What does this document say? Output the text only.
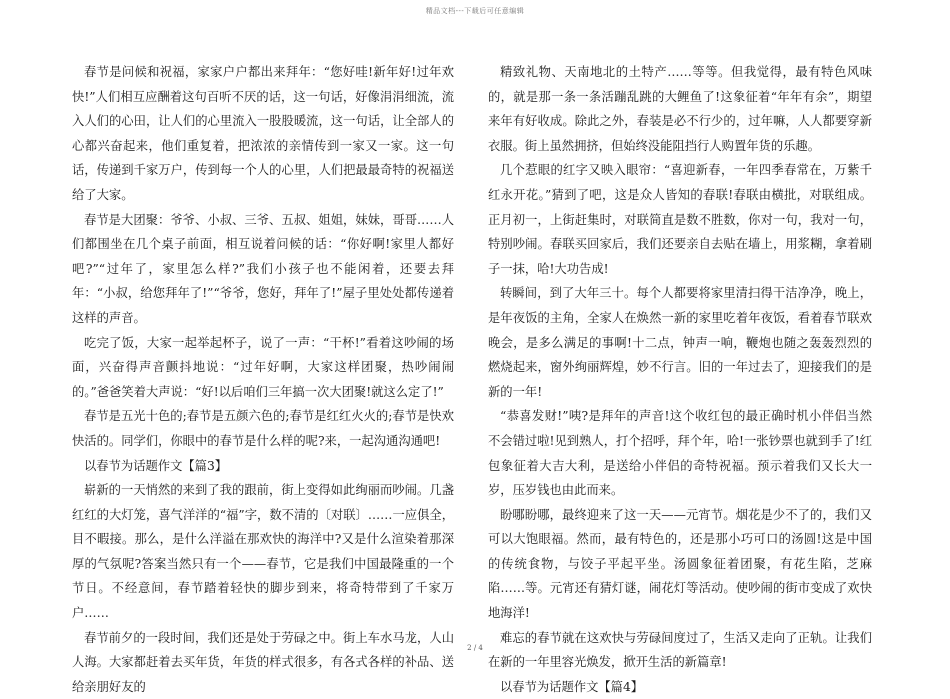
精品文档---下载后可任意编辑

春节是问候和祝福，家家户户都出来拜年：“您好哇!新年好!过年欢快!”人们相互应酬着这句百听不厌的话，这一句话，好像涓涓细流，流入人们的心田，让人们的心里流入一股股暖流，这一句话，让全部人的心都兴奋起来，他们重复着，把浓浓的亲情传到一家又一家。这一句话，传递到千家万户，传到每一个人的心里，人们把最最奇特的祝福送给了大家。

春节是大团聚：爷爷、小叔、三爷、五叔、姐姐，妹妹，哥哥……人们都围坐在几个桌子前面，相互说着问候的话：“你好啊!家里人都好吧?”“过年了，家里怎么样?”我们小孩子也不能闲着，还要去拜年：“小叔，给您拜年了!”“爷爷，您好，拜年了!”屋子里处处都传递着这样的声音。

吃完了饭，大家一起举起杯子，说了一声：“干杯!”看着这吵闹的场面，兴奋得声音颤抖地说：“过年好啊，大家这样团聚，热吵闹闹的。”爸爸笑着大声说：“好!以后咱们三年搞一次大团聚!就这么定了!”

春节是五光十色的;春节是五颜六色的;春节是红红火火的;春节是快欢快活的。同学们，你眼中的春节是什么样的呢?来，一起沟通沟通吧!

以春节为话题作文【篇3】

崭新的一天悄然的来到了我的跟前，街上变得如此绚丽而吵闹。几盏红红的大灯笼，喜气洋洋的“福”字，数不清的〔对联〕……一应俱全，目不暇接。那么，是什么洋溢在那欢快的海洋中?又是什么渲染着那深厚的气氛呢?答案当然只有一个——春节，它是我们中国最隆重的一个节日。不经意间，春节踏着轻快的脚步到来，将奇特带到了千家万户……

春节前夕的一段时间，我们还是处于劳碌之中。街上车水马龙，人山人海。大家都赶着去买年货，年货的样式很多，有各式各样的补品、送给亲朋好友的

精致礼物、天南地北的土特产……等等。但我觉得，最有特色风味的，就是那一条一条活蹦乱跳的大鲤鱼了!这象征着“年年有余”，期望来年有好收成。除此之外，春装是必不行少的，过年嘛，人人都要穿新衣服。街上虽然拥挤，但始终没能阻挡行人购置年货的乐趣。

几个惹眼的红字又映入眼帘：“喜迎新春，一年四季春常在，万紫千红永开花。”猜到了吧，这是众人皆知的春联!春联由横批，对联组成。正月初一，上街赶集时，对联简直是数不胜数，你对一句，我对一句，特别吵闹。春联买回家后，我们还要亲自去贴在墙上，用浆糊，拿着刷子一抹，哈!大功告成!

转瞬间，到了大年三十。每个人都要将家里清扫得干洁净净，晚上，是年夜饭的主角，全家人在焕然一新的家里吃着年夜饭，看着春节联欢晚会，是多么满足的事啊!十二点，钟声一响，鞭炮也随之轰轰烈烈的燃烧起来，窗外绚丽辉煌，妙不行言。旧的一年过去了，迎接我们的是新的一年!

“恭喜发财!”咦?是拜年的声音!这个收红包的最正确时机小伴侣当然不会错过啦!见到熟人，打个招呼，拜个年，哈!一张钞票也就到手了!红包象征着大吉大利，是送给小伴侣的奇特祝福。预示着我们又长大一岁，压岁钱也由此而来。

盼哪盼哪，最终迎来了这一天——元宵节。烟花是少不了的，我们又可以大饱眼福。然而，最有特色的，还是那小巧可口的汤圆!这是中国的传统食物，与饺子平起平坐。汤圆象征着团聚，有花生陷，芝麻陷……等。元宵还有猜灯谜，闹花灯等活动。使吵闹的街市变成了欢快地海洋!

难忘的春节就在这欢快与劳碌间度过了，生活又走向了正轨。让我们在新的一年里容光焕发，掀开生活的新篇章!

以春节为话题作文【篇4】

2 / 4
